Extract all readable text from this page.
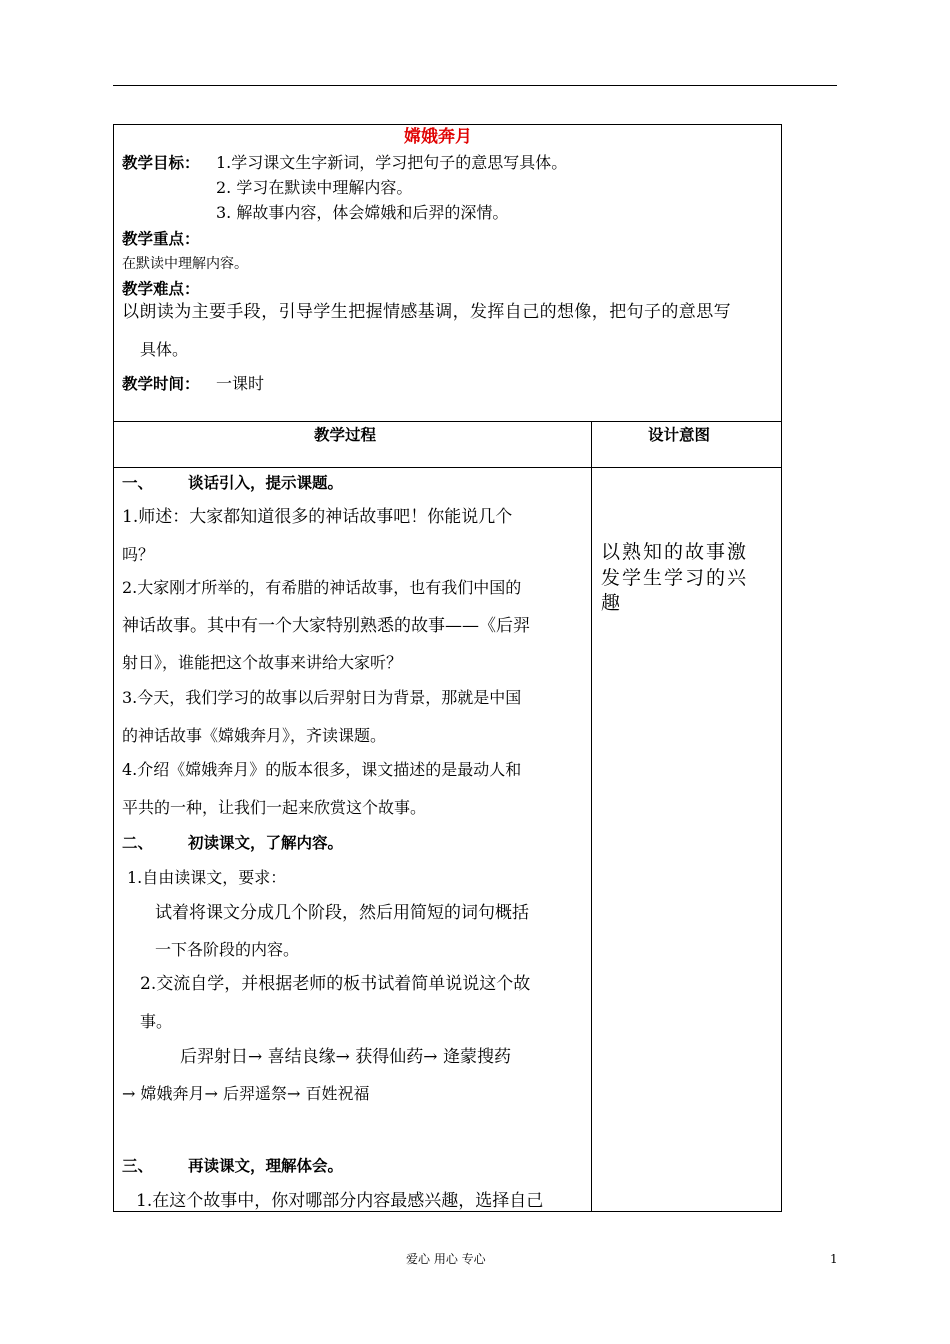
嫦娥奔月
教学目标： 1.学习课文生字新词，学习把句子的意思写具体。
2. 学习在默读中理解内容。
3. 解故事内容，体会嫦娥和后羿的深情。
教学重点：
在默读中理解内容。
教学难点：
以朗读为主要手段，引导学生把握情感基调，发挥自己的想像，把句子的意思写
具体。
教学时间： 一课时
教学过程	设计意图
一、 谈话引入，提示课题。
1.师述：大家都知道很多的神话故事吧！你能说几个
吗？
2.大家刚才所举的，有希腊的神话故事，也有我们中国的
神话故事。其中有一个大家特别熟悉的故事——《后羿
射日》，谁能把这个故事来讲给大家听？
3.今天，我们学习的故事以后羿射日为背景，那就是中国
的神话故事《嫦娥奔月》，齐读课题。
4.介绍《嫦娥奔月》的版本很多，课文描述的是最动人和
平共的一种，让我们一起来欣赏这个故事。
二、 初读课文，了解内容。
1.自由读课文，要求：
试着将课文分成几个阶段，然后用简短的词句概括
一下各阶段的内容。
2.交流自学，并根据老师的板书试着简单说说这个故
事。
后羿射日→ 喜结良缘→ 获得仙药→ 逄蒙搜药
→ 嫦娥奔月→ 后羿遥祭→ 百姓祝福
三、 再读课文，理解体会。
1.在这个故事中，你对哪部分内容最感兴趣，选择自己
以熟知的故事激
发学生学习的兴
趣
爱心 用心 专心	1
